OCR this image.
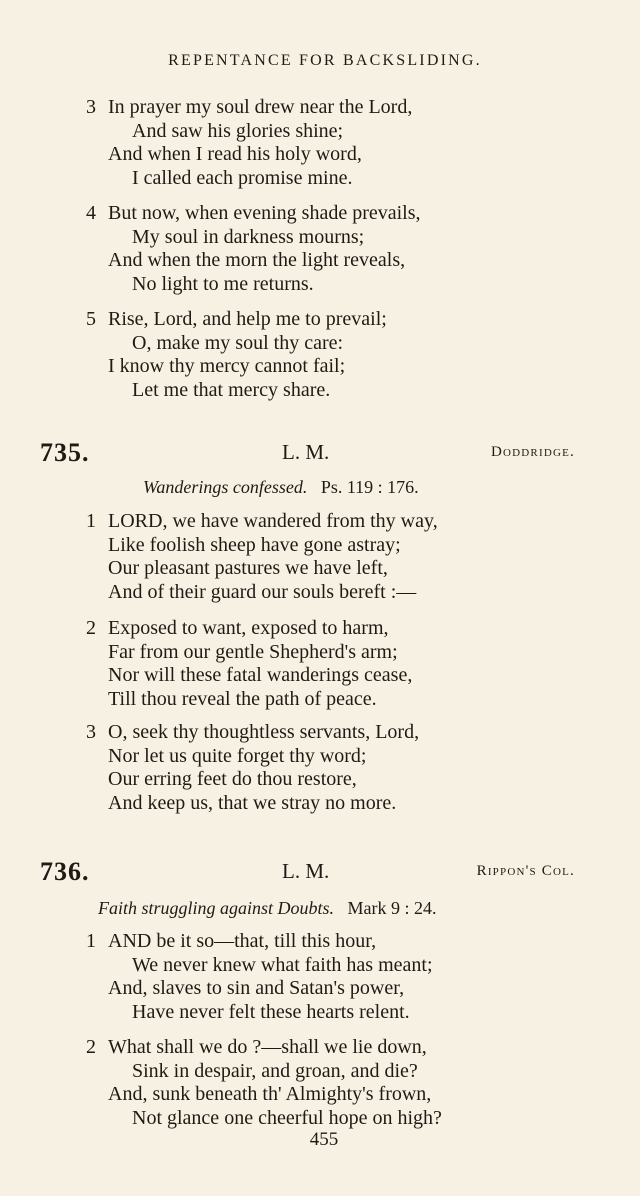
REPENTANCE FOR BACKSLIDING.
3 In prayer my soul drew near the Lord,
And saw his glories shine;
And when I read his holy word,
I called each promise mine.
4 But now, when evening shade prevails,
My soul in darkness mourns;
And when the morn the light reveals,
No light to me returns.
5 Rise, Lord, and help me to prevail;
O, make my soul thy care:
I know thy mercy cannot fail;
Let me that mercy share.
735.	L. M.	Doddridge.
Wanderings confessed. Ps. 119 : 176.
1 LORD, we have wandered from thy way,
Like foolish sheep have gone astray;
Our pleasant pastures we have left,
And of their guard our souls bereft :—
2 Exposed to want, exposed to harm,
Far from our gentle Shepherd's arm;
Nor will these fatal wanderings cease,
Till thou reveal the path of peace.
3 O, seek thy thoughtless servants, Lord,
Nor let us quite forget thy word;
Our erring feet do thou restore,
And keep us, that we stray no more.
736.	L. M.	Rippon's Col.
Faith struggling against Doubts. Mark 9 : 24.
1 AND be it so—that, till this hour,
We never knew what faith has meant;
And, slaves to sin and Satan's power,
Have never felt these hearts relent.
2 What shall we do ?—shall we lie down,
Sink in despair, and groan, and die?
And, sunk beneath th' Almighty's frown,
Not glance one cheerful hope on high?
455
